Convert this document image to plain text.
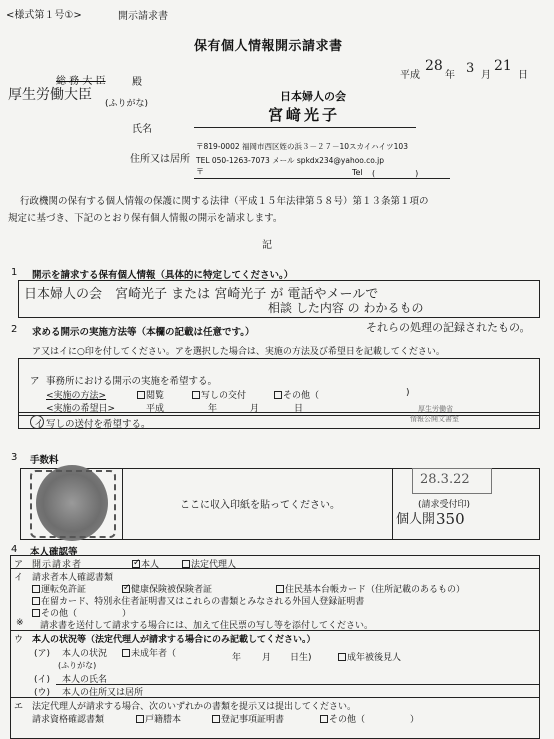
<様式第１号①>	開示請求書
保有個人情報開示請求書
平成
28
年 3 月
21
日
総 務 大 臣
厚生労働大臣
殿
(ふりがな)
日本婦人の会
宮﨑光子
氏名
住所又は居所
〒819-0002 福岡市西区姪の浜３－２７－10スカイハイツ103
TEL 050-1263-7073 メール spkdx234@yahoo.co.jp
〒	Tel (　　　　　)
行政機関の保有する個人情報の保護に関する法律（平成１５年法律第５８号）第１３条第１項の
規定に基づき、下記のとおり保有個人情報の開示を請求します。
記
1 開示を請求する保有個人情報（具体的に特定してください。）
日本婦人の会　宮崎光子 または 宮崎光子 が 電話やメールで
相談 した内容 の わかるもの
それらの処理の記録されたもの。
2 求める開示の実施方法等（本欄の記載は任意です。）
ア又はイに○印を付してください。アを選択した場合は、実施の方法及び希望日を記載してください。
ア 事務所における開示の実施を希望する。
<実施の方法>	閲覧	写しの交付	その他（	)
<実施の希望日>	平成	年	月	日
イ 写しの送付を希望する。
厚生労働省
情報公開文書室
3 手数料
ここに収入印紙を貼ってください。	(請求受付印)
28.3.22
個人開 350
4 本人確認等
ア 開示請求者	✓ 本人	法定代理人
イ 請求者本人確認書類
運転免許証	✓ 健康保険被保険者証	住民基本台帳カード（住所記載のあるもの）
在留カード、特別永住者証明書又はこれらの書類とみなされる外国人登録証明書
その他（　　　　　）
※ 請求書を送付して請求する場合には、加えて住民票の写し等を添付してください。
ウ 本人の状況等（法定代理人が請求する場合にのみ記載してください。）
(ア) 本人の状況	未成年者（	年 月 日生)	成年被後見人
(ふりがな)
(イ) 本人の氏名
(ウ) 本人の住所又は居所
エ 法定代理人が請求する場合、次のいずれかの書類を提示又は提出してください。
請求資格確認書類	戸籍謄本	登記事項証明書	その他（　　　　　）
